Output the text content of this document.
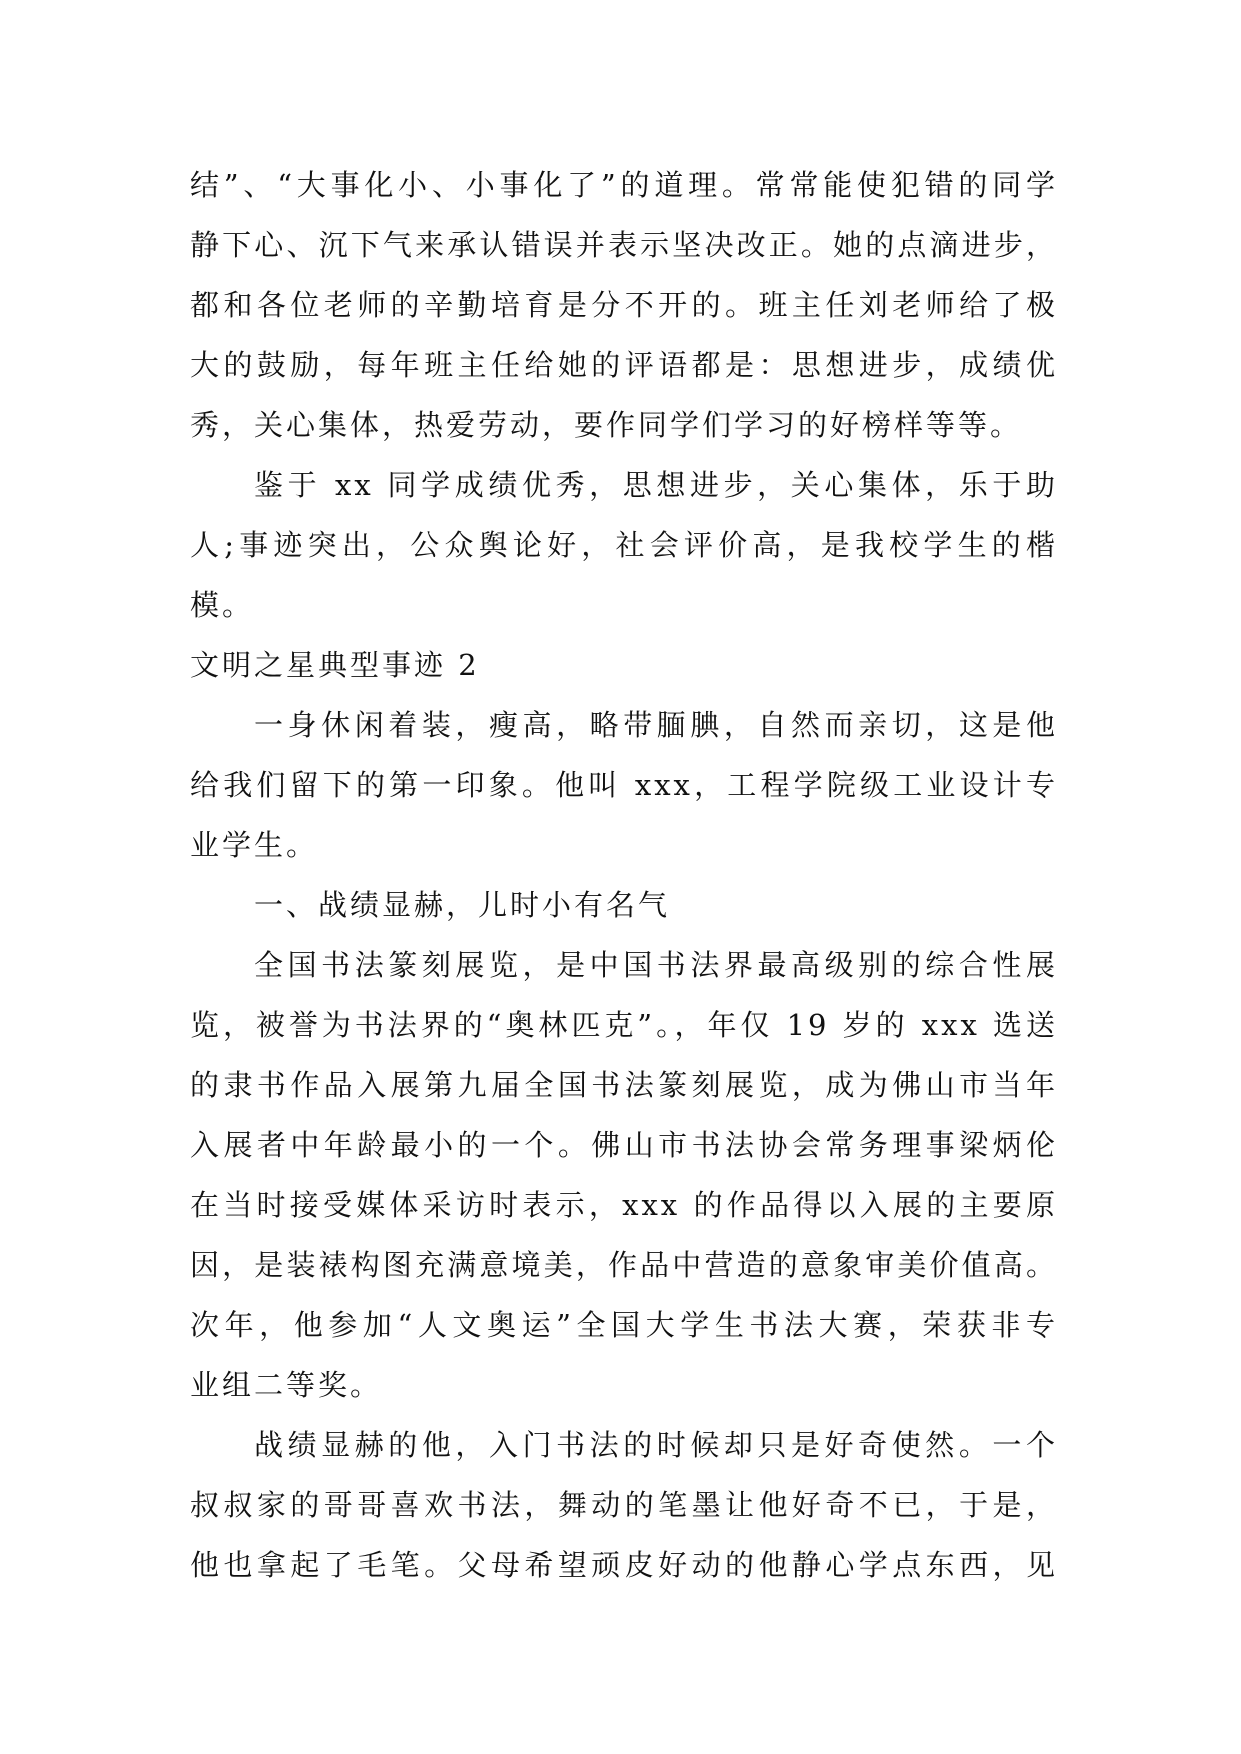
结”、“大事化小、小事化了”的道理。常常能使犯错的同学
静下心、沉下气来承认错误并表示坚决改正。她的点滴进步，
都和各位老师的辛勤培育是分不开的。班主任刘老师给了极
大的鼓励，每年班主任给她的评语都是：思想进步，成绩优
秀，关心集体，热爱劳动，要作同学们学习的好榜样等等。
鉴于 xx 同学成绩优秀，思想进步，关心集体，乐于助
人;事迹突出，公众舆论好，社会评价高，是我校学生的楷
模。
文明之星典型事迹 2
一身休闲着装，瘦高，略带腼腆，自然而亲切，这是他
给我们留下的第一印象。他叫 xxx，工程学院级工业设计专
业学生。
一、战绩显赫，儿时小有名气
全国书法篆刻展览，是中国书法界最高级别的综合性展
览，被誉为书法界的“奥林匹克”。，年仅 19 岁的 xxx 选送
的隶书作品入展第九届全国书法篆刻展览，成为佛山市当年
入展者中年龄最小的一个。佛山市书法协会常务理事梁炳伦
在当时接受媒体采访时表示，xxx 的作品得以入展的主要原
因，是装裱构图充满意境美，作品中营造的意象审美价值高。
次年，他参加“人文奥运”全国大学生书法大赛，荣获非专
业组二等奖。
战绩显赫的他，入门书法的时候却只是好奇使然。一个
叔叔家的哥哥喜欢书法，舞动的笔墨让他好奇不已，于是，
他也拿起了毛笔。父母希望顽皮好动的他静心学点东西，见
